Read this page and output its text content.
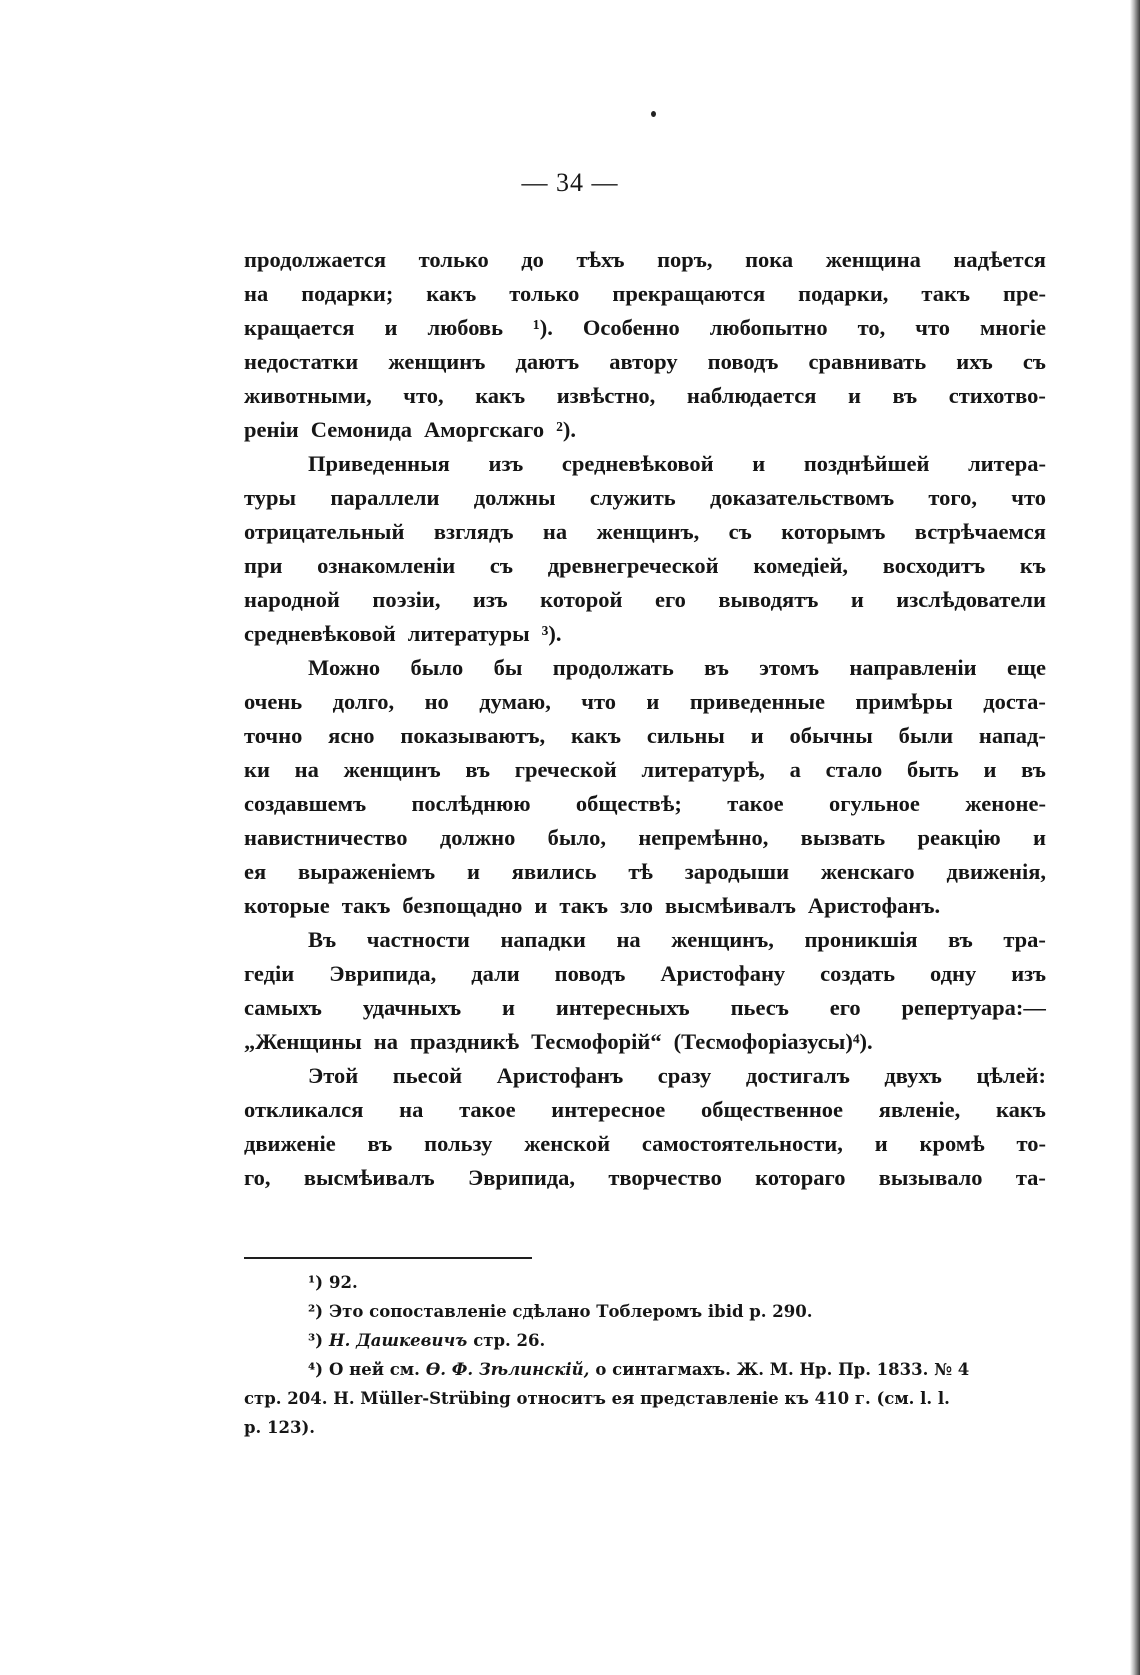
— 34 —
продолжается только до тѣхъ поръ, пока женщина надѣется
на подарки; какъ только прекращаются подарки, такъ пре-
кращается и любовь ¹). Особенно любопытно то, что многіе
недостатки женщинъ даютъ автору поводъ сравнивать ихъ съ
животными, что, какъ извѣстно, наблюдается и въ стихотво-
реніи Семонида Аморгскаго ²).
Приведенныя изъ средневѣковой и позднѣйшей литера-
туры параллели должны служить доказательствомъ того, что
отрицательный взглядъ на женщинъ, съ которымъ встрѣчаемся
при ознакомленіи съ древнегреческой комедіей, восходитъ къ
народной поэзіи, изъ которой его выводятъ и изслѣдователи
средневѣковой литературы ³).
Можно было бы продолжать въ этомъ направленіи еще
очень долго, но думаю, что и приведенные примѣры доста-
точно ясно показываютъ, какъ сильны и обычны были напад-
ки на женщинъ въ греческой литературѣ, а стало быть и въ
создавшемъ послѣднюю обществѣ; такое огульное женоне-
навистничество должно было, непремѣнно, вызвать реакцію и
ея выраженіемъ и явились тѣ зародыши женскаго движенія,
которые такъ безпощадно и такъ зло высмѣивалъ Аристофанъ.
Въ частности нападки на женщинъ, проникшія въ тра-
гедіи Эврипида, дали поводъ Аристофану создать одну изъ
самыхъ удачныхъ и интересныхъ пьесъ его репертуара:—
„Женщины на праздникѣ Тесмофорій“ (Тесмофоріазусы)⁴).
Этой пьесой Аристофанъ сразу достигалъ двухъ цѣлей:
откликался на такое интересное общественное явленіе, какъ
движеніе въ пользу женской самостоятельности, и кромѣ то-
го, высмѣивалъ Эврипида, творчество котораго вызывало та-
¹) 92.
²) Это сопоставленіе сдѣлано Тоблеромъ ibid p. 290.
³) Н. Дашкевичъ стр. 26.
⁴) О ней см. Ѳ. Ф. Зѣлинскій, о синтагмахъ. Ж. М. Нр. Пр. 1833. № 4
стр. 204. H. Müller-Strübing относитъ ея представленіе къ 410 г. (см. l. l.
p. 123).
